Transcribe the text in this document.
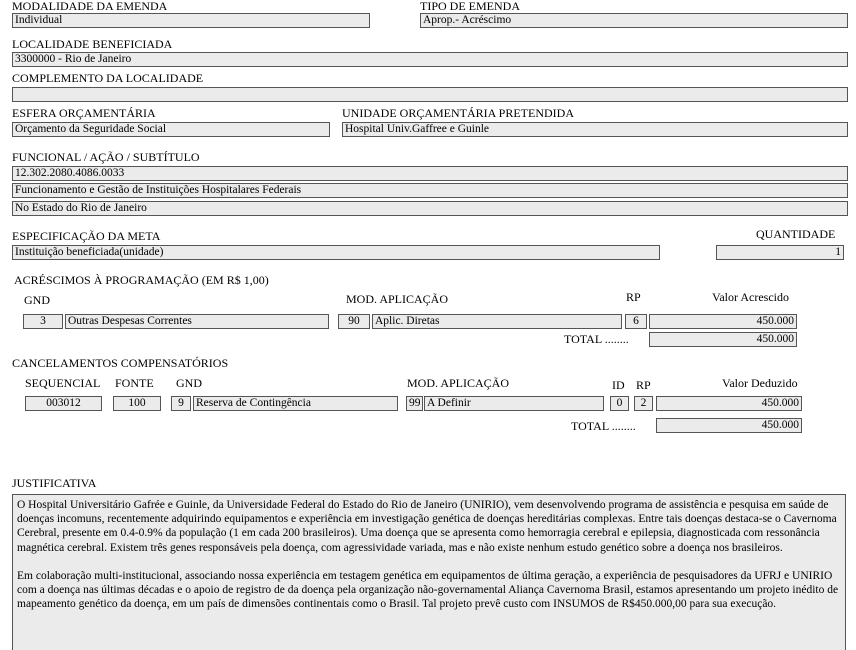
MODALIDADE DA EMENDA
Individual
TIPO DE EMENDA
Aprop.- Acréscimo
LOCALIDADE BENEFICIADA
3300000 - Rio de Janeiro
COMPLEMENTO DA LOCALIDADE
ESFERA ORÇAMENTÁRIA
Orçamento da Seguridade Social
UNIDADE ORÇAMENTÁRIA PRETENDIDA
Hospital Univ.Gaffree e Guinle
FUNCIONAL / AÇÃO / SUBTÍTULO
12.302.2080.4086.0033
Funcionamento e Gestão de Instituições Hospitalares Federais
No Estado do Rio de Janeiro
ESPECIFICAÇÃO DA META
Instituição beneficiada(unidade)
QUANTIDADE
1
ACRÉSCIMOS À PROGRAMAÇÃO (EM R$ 1,00)
GND	MOD. APLICAÇÃO	RP	Valor Acrescido
3	Outras Despesas Correntes	90	Aplic. Diretas	6	450.000
TOTAL ........	450.000
CANCELAMENTOS COMPENSATÓRIOS
SEQUENCIAL FONTE GND	MOD. APLICAÇÃO	ID RP	Valor Deduzido
003012	100	9	Reserva de Contingência	99 A Definir	0	2	450.000
TOTAL ........	450.000
JUSTIFICATIVA

O Hospital Universitário Gafrée e Guinle, da Universidade Federal do Estado do Rio de Janeiro (UNIRIO), vem desenvolvendo programa de assistência e pesquisa em saúde de doenças incomuns, recentemente adquirindo equipamentos e experiência em investigação genética de doenças hereditárias complexas. Entre tais doenças destaca-se o Cavernoma Cerebral, presente em 0.4-0.9% da população (1 em cada 200 brasileiros). Uma doença que se apresenta como hemorragia cerebral e epilepsia, diagnosticada com ressonância magnética cerebral. Existem três genes responsáveis pela doença, com agressividade variada, mas e não existe nenhum estudo genético sobre a doença nos brasileiros.

Em colaboração multi-institucional, associando nossa experiência em testagem genética em equipamentos de última geração, a experiência de pesquisadores da UFRJ e UNIRIO com a doença nas últimas décadas e o apoio de registro de da doença pela organização não-governamental Aliança Cavernoma Brasil, estamos apresentando um projeto inédito de mapeamento genético da doença, em um país de dimensões continentais como o Brasil. Tal projeto prevê custo com INSUMOS de R$450.000,00 para sua execução.
